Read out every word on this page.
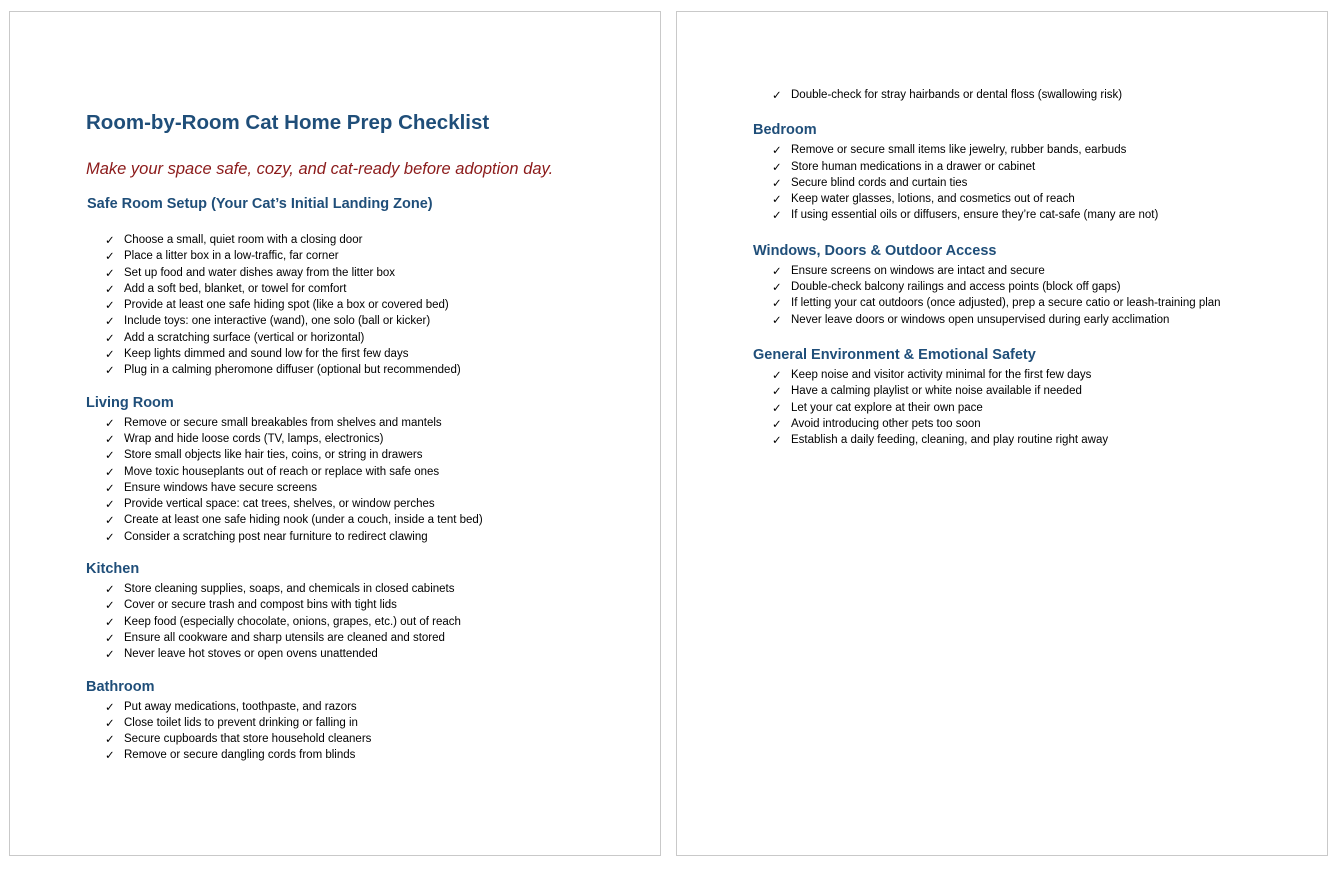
Room-by-Room Cat Home Prep Checklist

Make your space safe, cozy, and cat-ready before adoption day.

Safe Room Setup (Your Cat’s Initial Landing Zone)
✓ Choose a small, quiet room with a closing door
✓ Place a litter box in a low-traffic, far corner
✓ Set up food and water dishes away from the litter box
✓ Add a soft bed, blanket, or towel for comfort
✓ Provide at least one safe hiding spot (like a box or covered bed)
✓ Include toys: one interactive (wand), one solo (ball or kicker)
✓ Add a scratching surface (vertical or horizontal)
✓ Keep lights dimmed and sound low for the first few days
✓ Plug in a calming pheromone diffuser (optional but recommended)
Living Room
✓ Remove or secure small breakables from shelves and mantels
✓ Wrap and hide loose cords (TV, lamps, electronics)
✓ Store small objects like hair ties, coins, or string in drawers
✓ Move toxic houseplants out of reach or replace with safe ones
✓ Ensure windows have secure screens
✓ Provide vertical space: cat trees, shelves, or window perches
✓ Create at least one safe hiding nook (under a couch, inside a tent bed)
✓ Consider a scratching post near furniture to redirect clawing
Kitchen
✓ Store cleaning supplies, soaps, and chemicals in closed cabinets
✓ Cover or secure trash and compost bins with tight lids
✓ Keep food (especially chocolate, onions, grapes, etc.) out of reach
✓ Ensure all cookware and sharp utensils are cleaned and stored
✓ Never leave hot stoves or open ovens unattended
Bathroom
✓ Put away medications, toothpaste, and razors
✓ Close toilet lids to prevent drinking or falling in
✓ Secure cupboards that store household cleaners
✓ Remove or secure dangling cords from blinds
✓ Double-check for stray hairbands or dental floss (swallowing risk)
Bedroom
✓ Remove or secure small items like jewelry, rubber bands, earbuds
✓ Store human medications in a drawer or cabinet
✓ Secure blind cords and curtain ties
✓ Keep water glasses, lotions, and cosmetics out of reach
✓ If using essential oils or diffusers, ensure they’re cat-safe (many are not)
Windows, Doors & Outdoor Access
✓ Ensure screens on windows are intact and secure
✓ Double-check balcony railings and access points (block off gaps)
✓ If letting your cat outdoors (once adjusted), prep a secure catio or leash-training plan
✓ Never leave doors or windows open unsupervised during early acclimation
General Environment & Emotional Safety
✓ Keep noise and visitor activity minimal for the first few days
✓ Have a calming playlist or white noise available if needed
✓ Let your cat explore at their own pace
✓ Avoid introducing other pets too soon
✓ Establish a daily feeding, cleaning, and play routine right away
